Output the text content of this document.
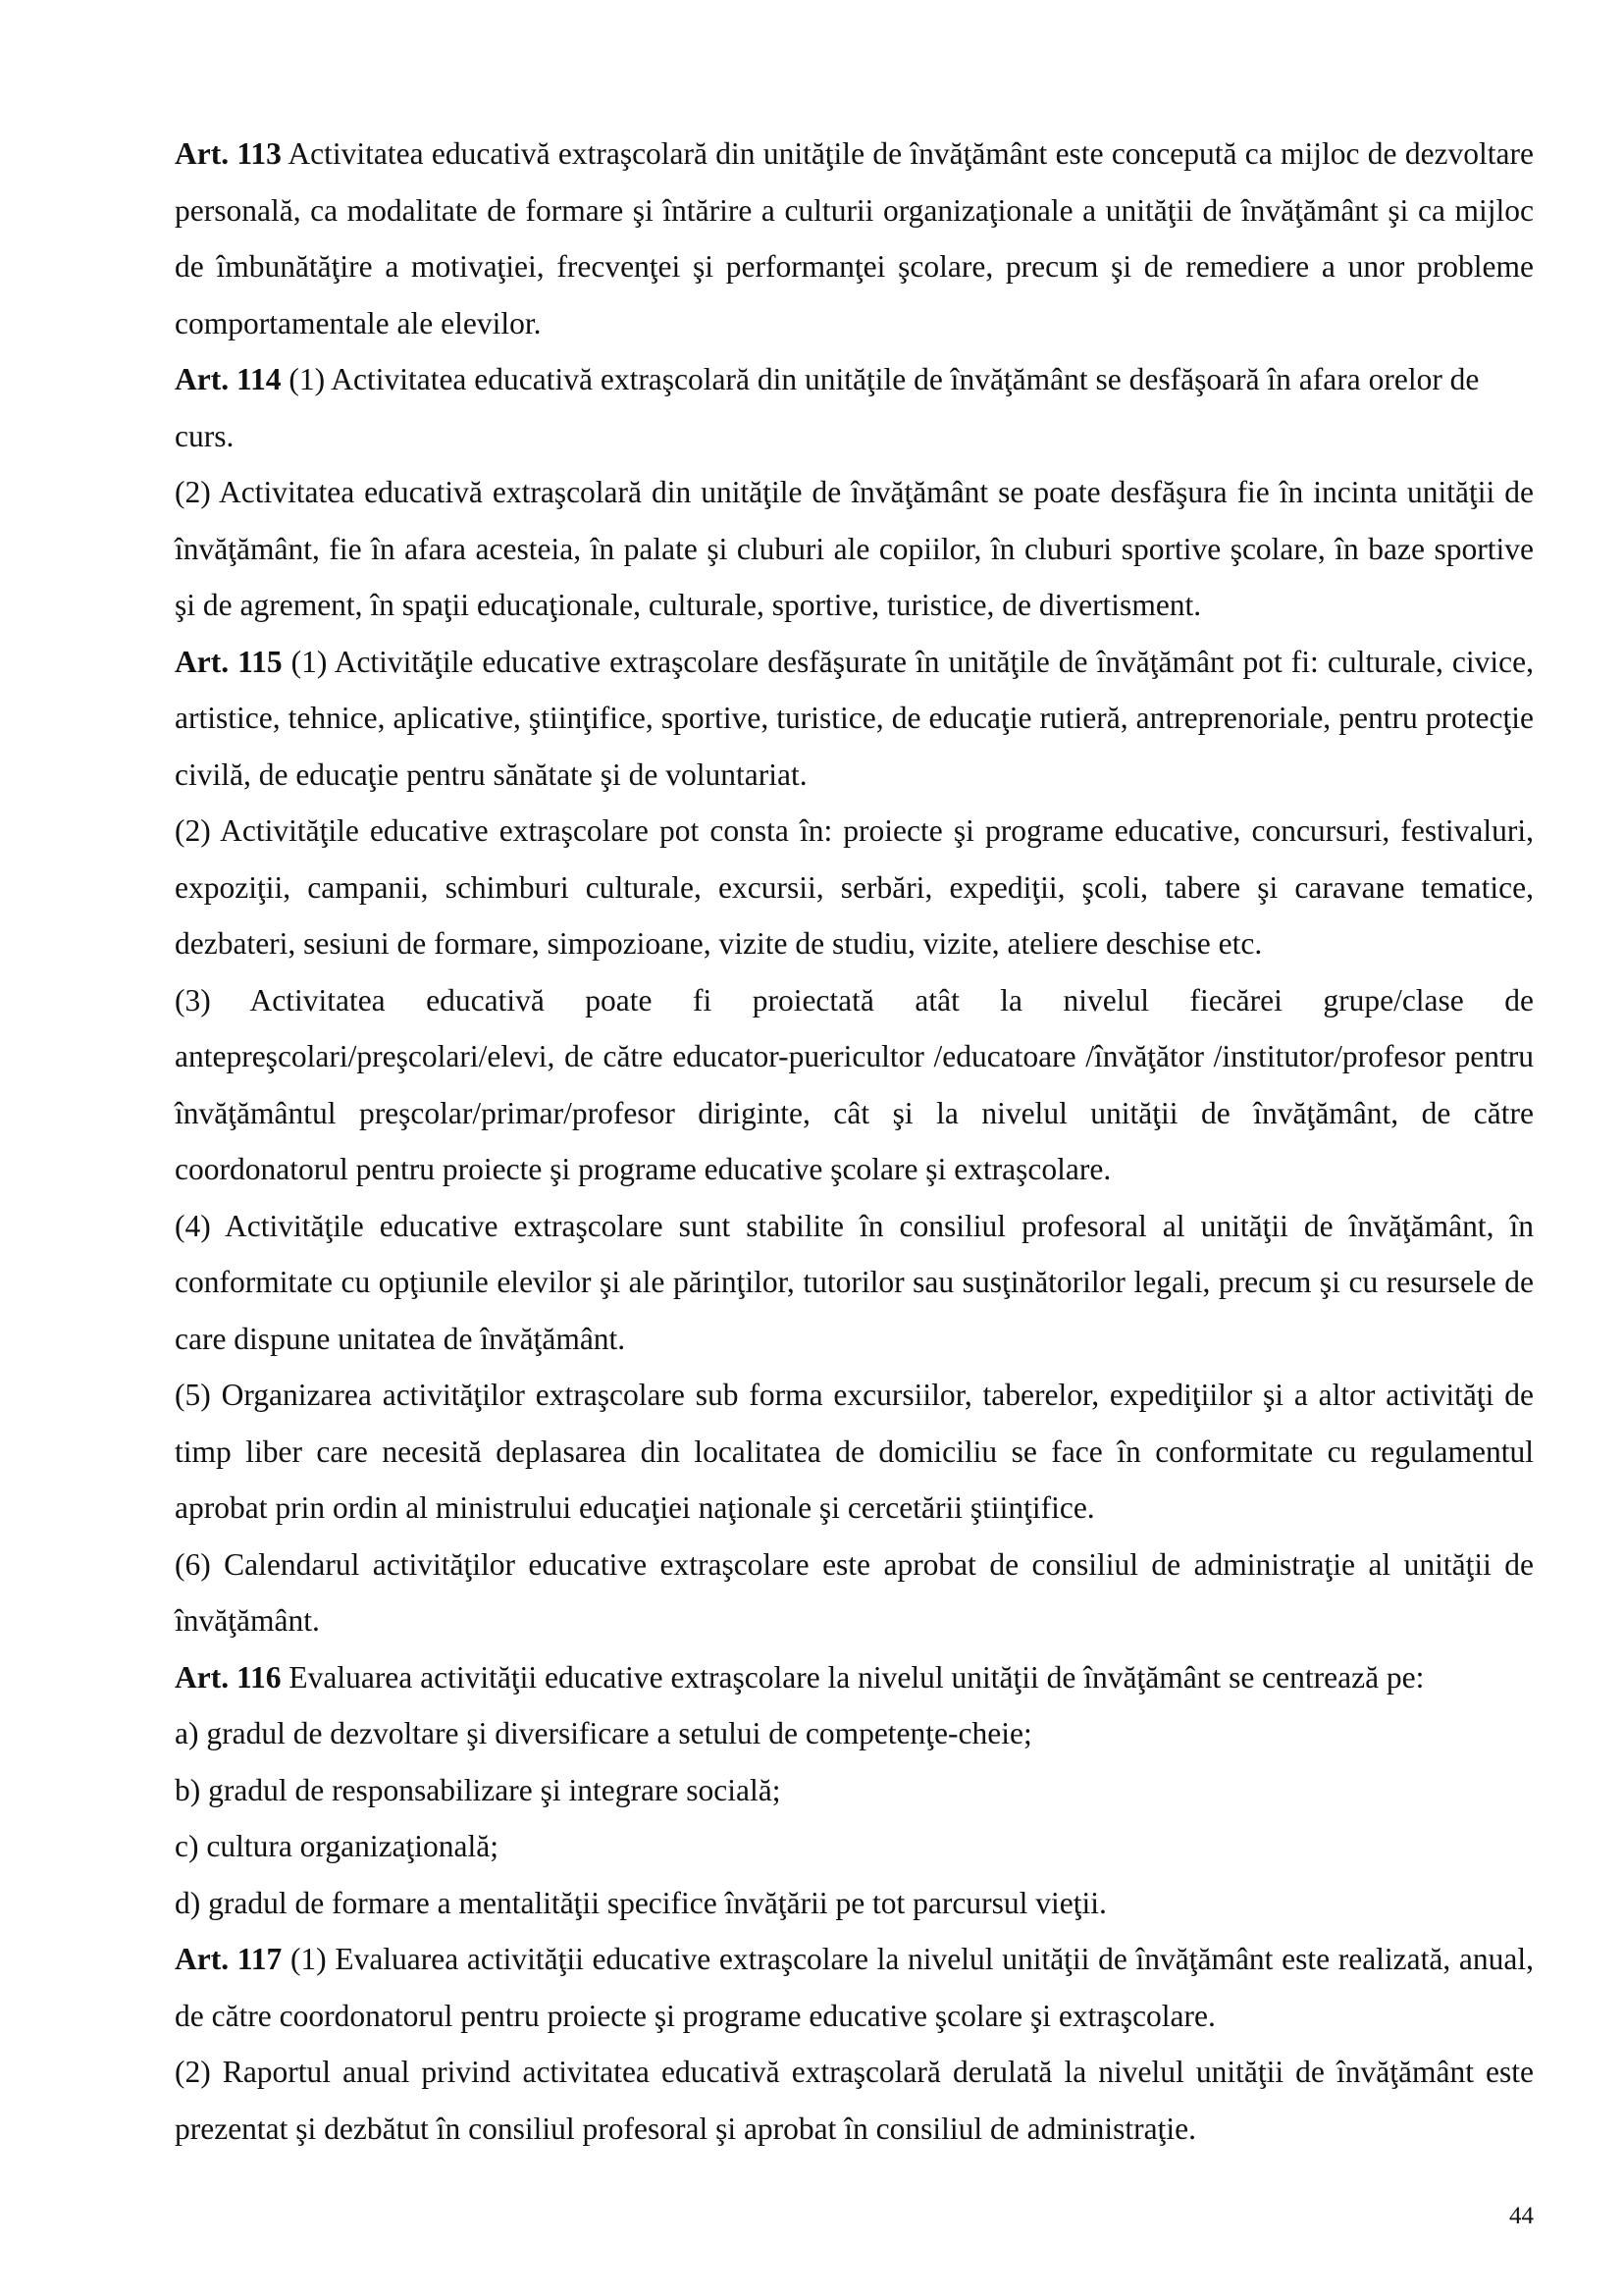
Art. 113 Activitatea educativă extraşcolară din unităţile de învăţământ este concepută ca mijloc de dezvoltare personală, ca modalitate de formare şi întărire a culturii organizaţionale a unităţii de învăţământ şi ca mijloc de îmbunătăţire a motivaţiei, frecvenţei şi performanţei şcolare, precum şi de remediere a unor probleme comportamentale ale elevilor.

Art. 114 (1) Activitatea educativă extraşcolară din unităţile de învăţământ se desfăşoară în afara orelor de curs.

(2) Activitatea educativă extraşcolară din unităţile de învăţământ se poate desfăşura fie în incinta unităţii de învăţământ, fie în afara acesteia, în palate şi cluburi ale copiilor, în cluburi sportive şcolare, în baze sportive şi de agrement, în spaţii educaţionale, culturale, sportive, turistice, de divertisment.

Art. 115 (1) Activităţile educative extraşcolare desfăşurate în unităţile de învăţământ pot fi: culturale, civice, artistice, tehnice, aplicative, ştiinţifice, sportive, turistice, de educaţie rutieră, antreprenoriale, pentru protecţie civilă, de educaţie pentru sănătate şi de voluntariat.

(2) Activităţile educative extraşcolare pot consta în: proiecte şi programe educative, concursuri, festivaluri, expoziţii, campanii, schimburi culturale, excursii, serbări, expediţii, şcoli, tabere şi caravane tematice, dezbateri, sesiuni de formare, simpozioane, vizite de studiu, vizite, ateliere deschise etc.

(3) Activitatea educativă poate fi proiectată atât la nivelul fiecărei grupe/clase de antepreşcolari/preşcolari/elevi, de către educator-puericultor /educatoare /învăţător /institutor/profesor pentru învăţământul preşcolar/primar/profesor diriginte, cât şi la nivelul unităţii de învăţământ, de către coordonatorul pentru proiecte şi programe educative şcolare şi extraşcolare.

(4) Activităţile educative extraşcolare sunt stabilite în consiliul profesoral al unităţii de învăţământ, în conformitate cu opţiunile elevilor şi ale părinţilor, tutorilor sau susţinătorilor legali, precum şi cu resursele de care dispune unitatea de învăţământ.

(5) Organizarea activităţilor extraşcolare sub forma excursiilor, taberelor, expediţiilor şi a altor activităţi de timp liber care necesită deplasarea din localitatea de domiciliu se face în conformitate cu regulamentul aprobat prin ordin al ministrului educaţiei naţionale şi cercetării ştiinţifice.

(6) Calendarul activităţilor educative extraşcolare este aprobat de consiliul de administraţie al unităţii de învăţământ.

Art. 116 Evaluarea activităţii educative extraşcolare la nivelul unităţii de învăţământ se centrează pe:

a) gradul de dezvoltare şi diversificare a setului de competenţe-cheie;

b) gradul de responsabilizare şi integrare socială;

c) cultura organizaţională;

d) gradul de formare a mentalităţii specifice învăţării pe tot parcursul vieţii.

Art. 117 (1) Evaluarea activităţii educative extraşcolare la nivelul unităţii de învăţământ este realizată, anual, de către coordonatorul pentru proiecte şi programe educative şcolare şi extraşcolare.

(2) Raportul anual privind activitatea educativă extraşcolară derulată la nivelul unităţii de învăţământ este prezentat şi dezbătut în consiliul profesoral şi aprobat în consiliul de administraţie.

44
